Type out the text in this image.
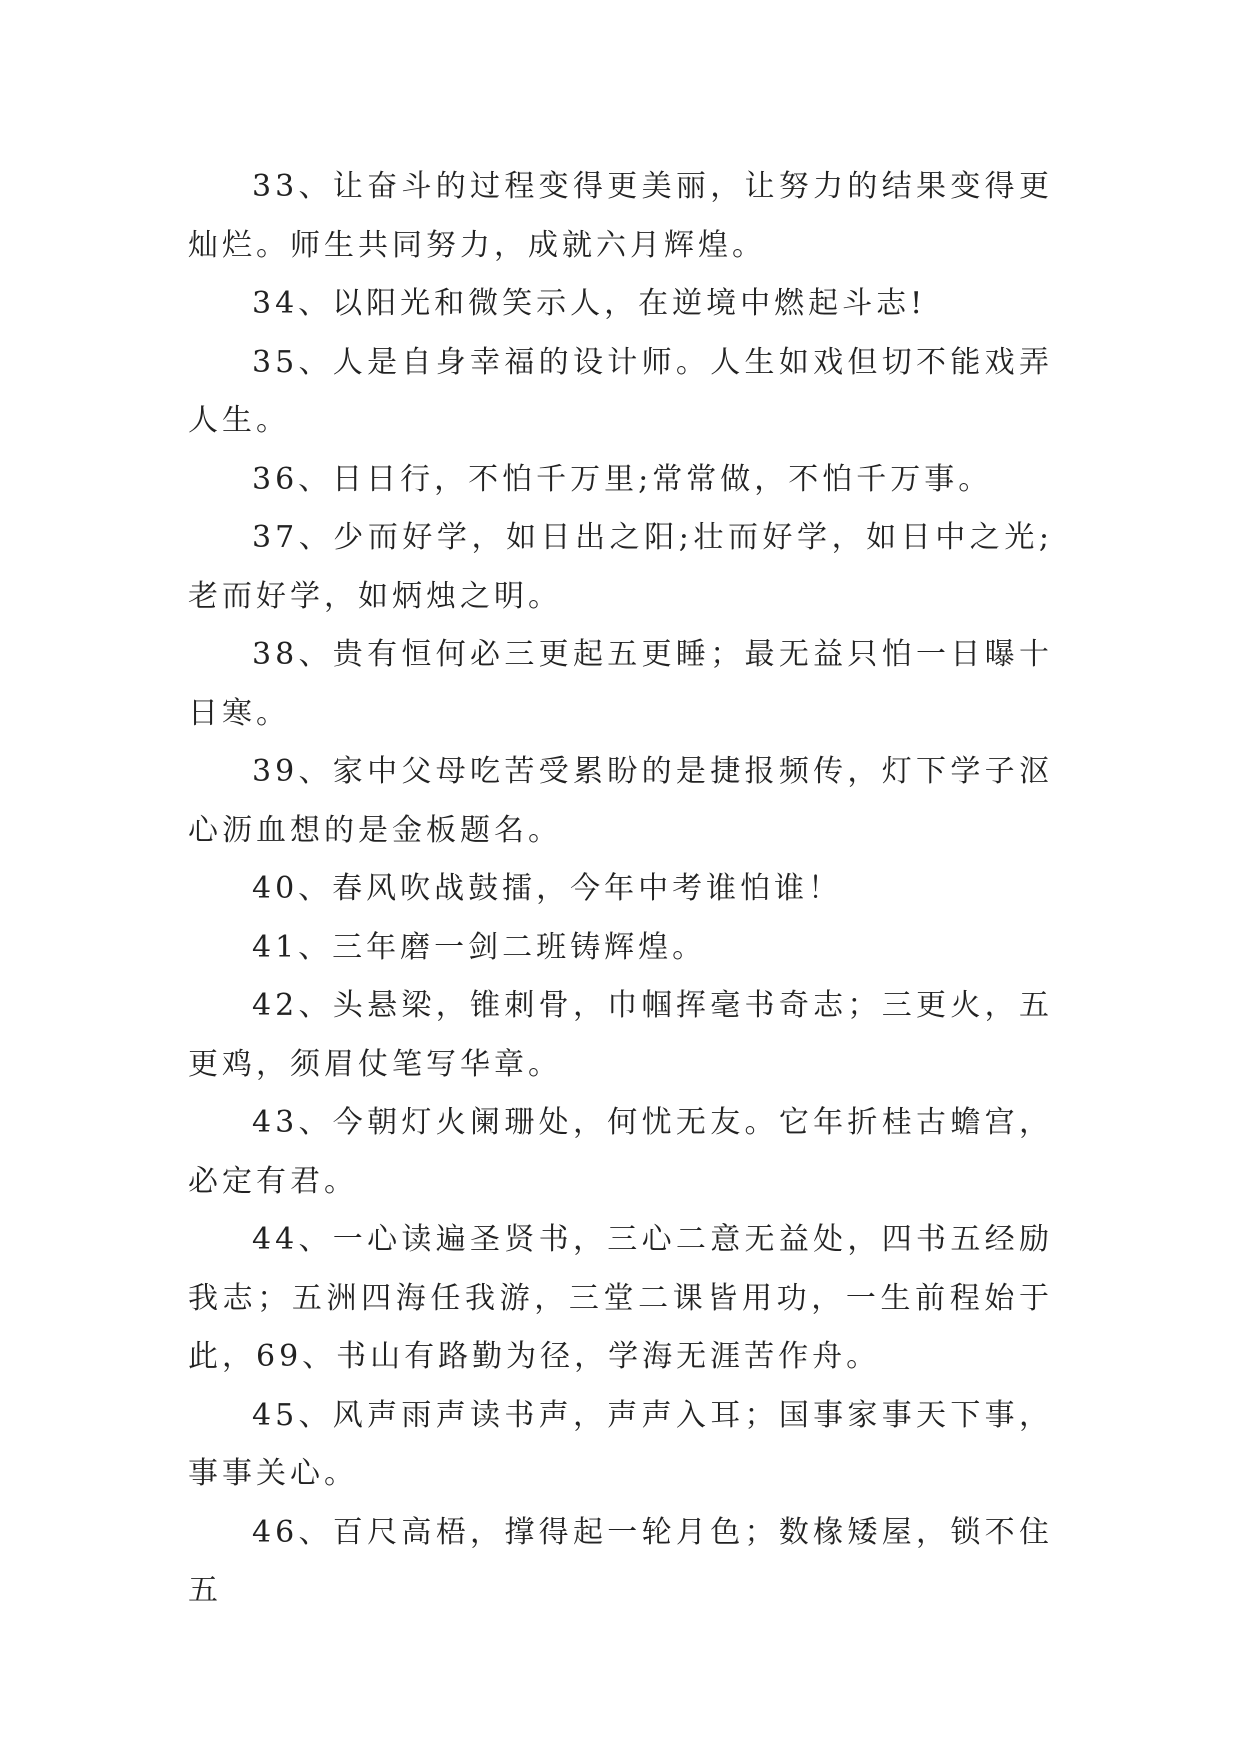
33、让奋斗的过程变得更美丽，让努力的结果变得更灿烂。师生共同努力，成就六月辉煌。

34、以阳光和微笑示人，在逆境中燃起斗志!

35、人是自身幸福的设计师。人生如戏但切不能戏弄人生。

36、日日行，不怕千万里;常常做，不怕千万事。

37、少而好学，如日出之阳;壮而好学，如日中之光;老而好学，如炳烛之明。

38、贵有恒何必三更起五更睡；最无益只怕一日曝十日寒。

39、家中父母吃苦受累盼的是捷报频传，灯下学子沤心沥血想的是金板题名。

40、春风吹战鼓擂，今年中考谁怕谁！

41、三年磨一剑二班铸辉煌。

42、头悬梁，锥刺骨，巾帼挥毫书奇志；三更火，五更鸡，须眉仗笔写华章。

43、今朝灯火阑珊处，何忧无友。它年折桂古蟾宫，必定有君。

44、一心读遍圣贤书，三心二意无益处，四书五经励我志；五洲四海任我游，三堂二课皆用功，一生前程始于此，69、书山有路勤为径，学海无涯苦作舟。

45、风声雨声读书声，声声入耳；国事家事天下事，事事关心。

46、百尺高梧，撑得起一轮月色；数椽矮屋，锁不住五
